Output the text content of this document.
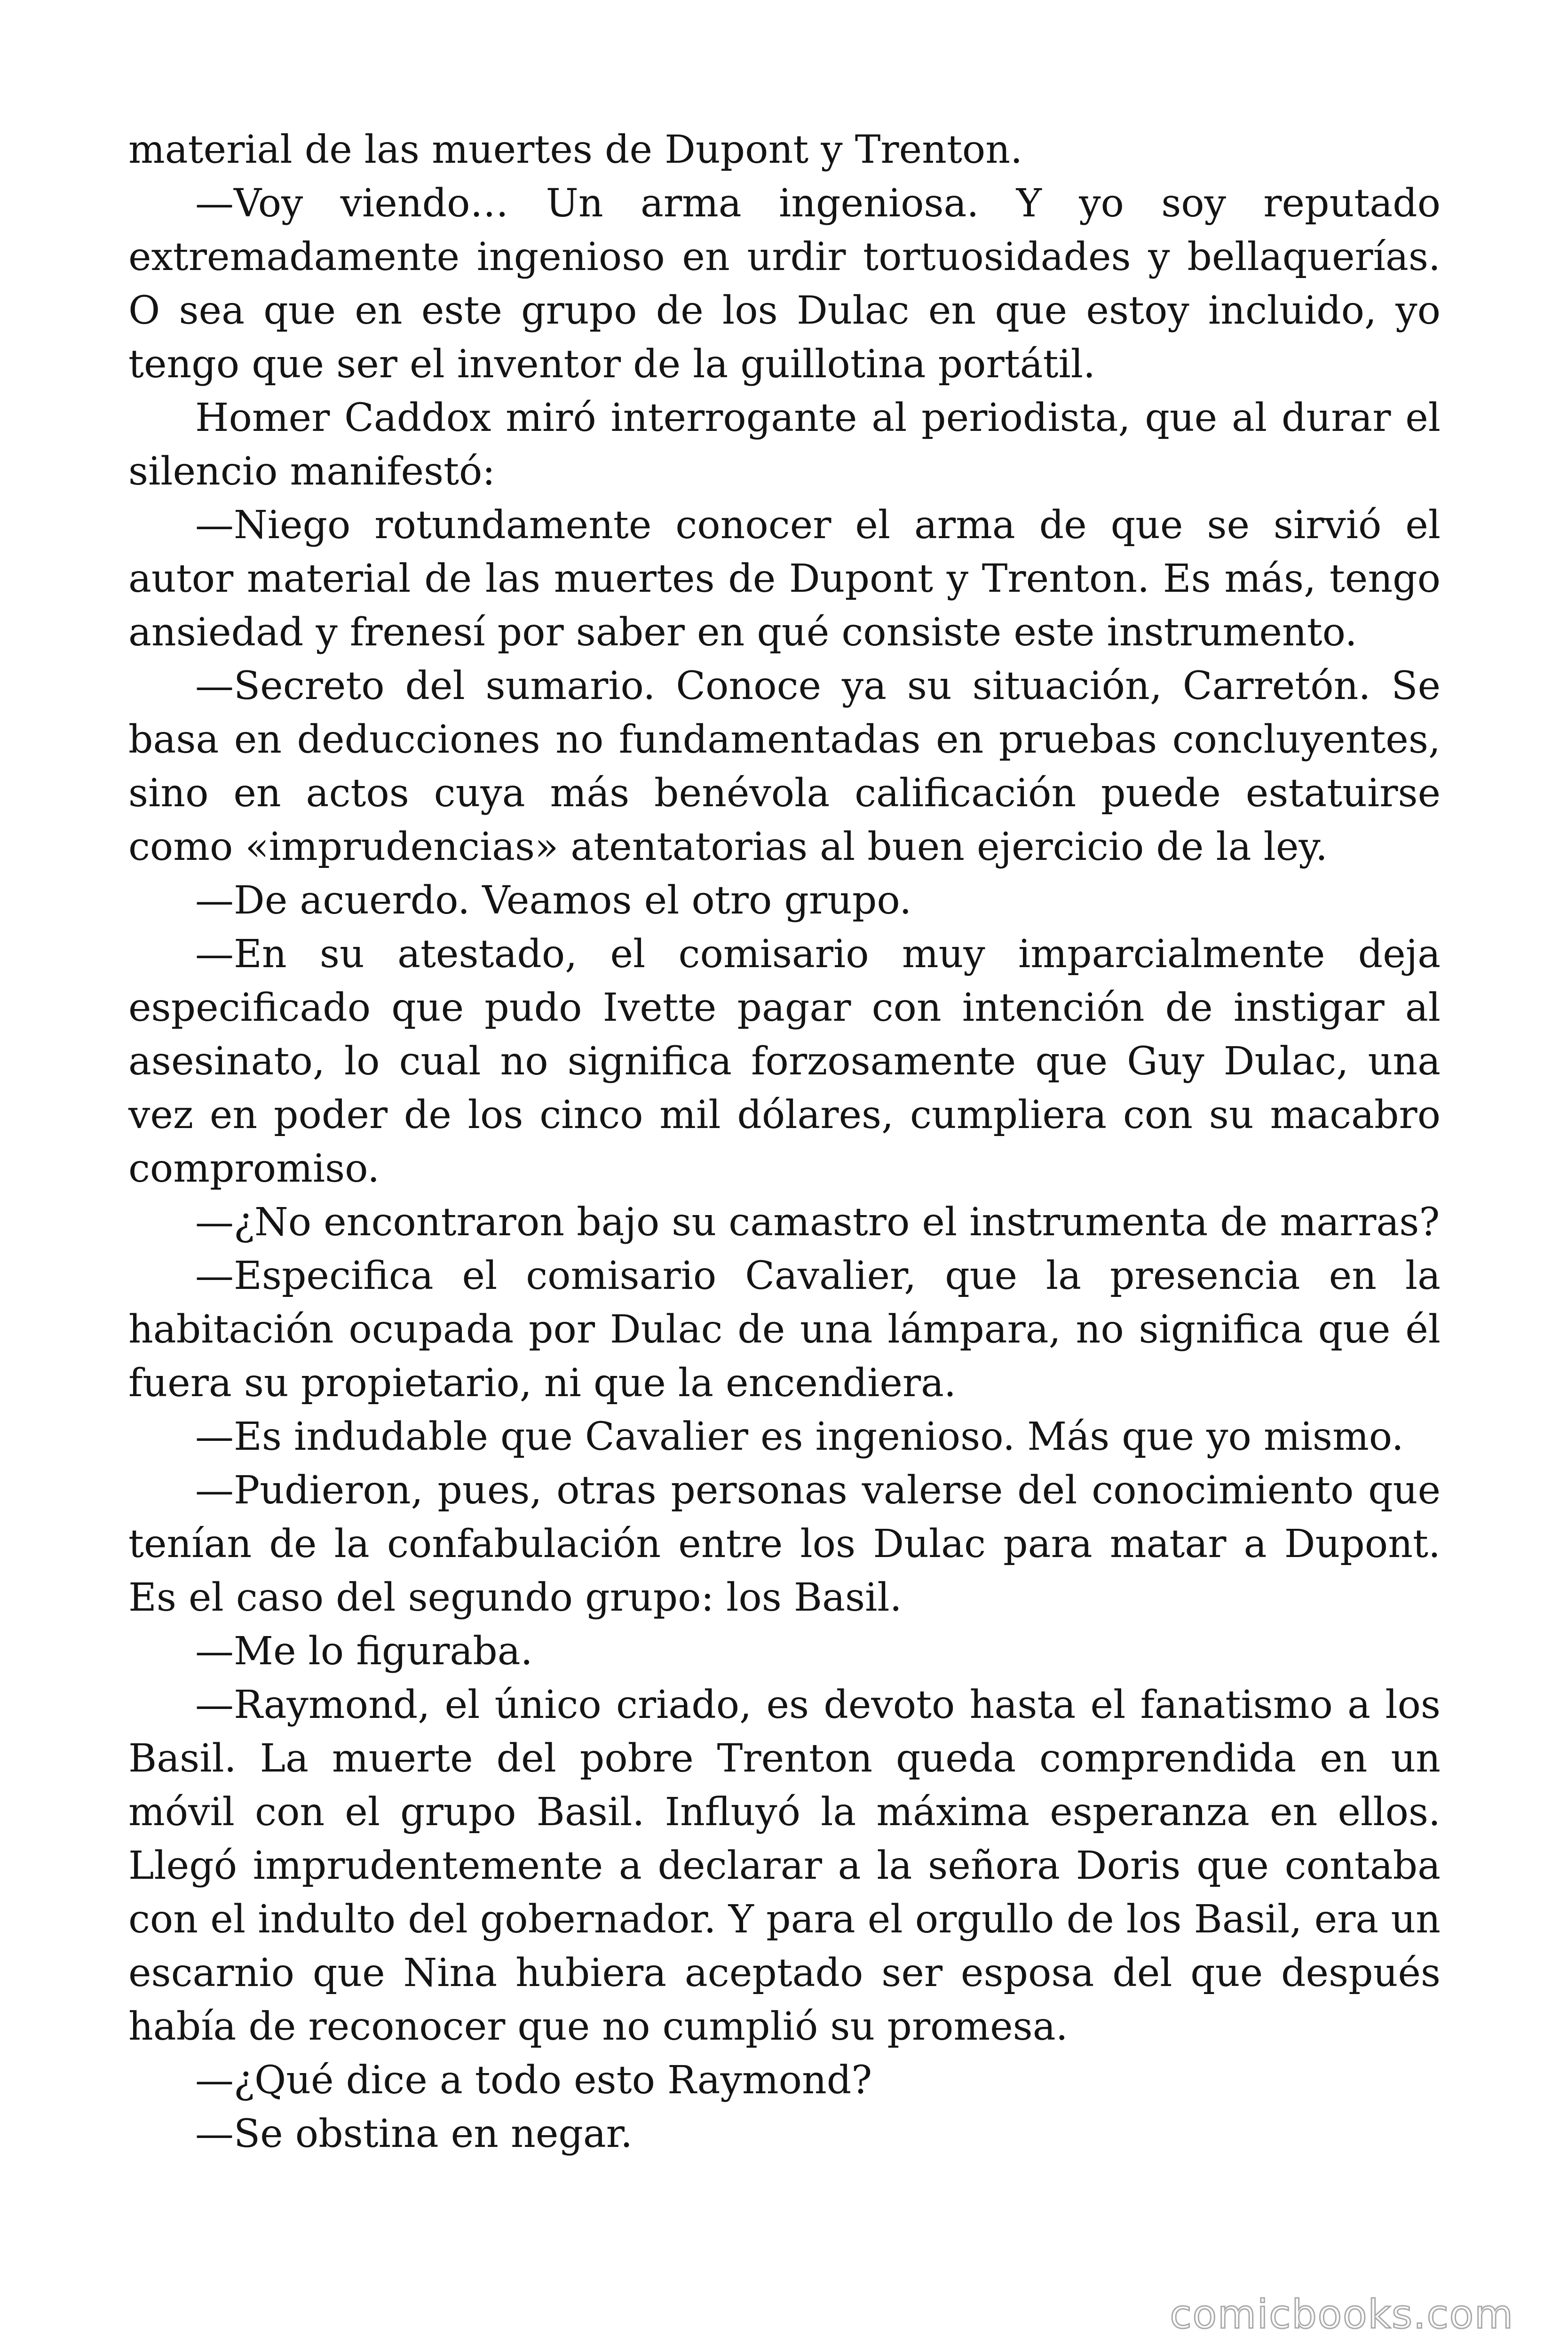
material de las muertes de Dupont y Trenton.

—Voy viendo… Un arma ingeniosa. Y yo soy reputado extremadamente ingenioso en urdir tortuosidades y bellaquerías. O sea que en este grupo de los Dulac en que estoy incluido, yo tengo que ser el inventor de la guillotina portátil.

Homer Caddox miró interrogante al periodista, que al durar el silencio manifestó:

—Niego rotundamente conocer el arma de que se sirvió el autor material de las muertes de Dupont y Trenton. Es más, tengo ansiedad y frenesí por saber en qué consiste este instrumento.

—Secreto del sumario. Conoce ya su situación, Carretón. Se basa en deducciones no fundamentadas en pruebas concluyentes, sino en actos cuya más benévola calificación puede estatuirse como «imprudencias» atentatorias al buen ejercicio de la ley.

—De acuerdo. Veamos el otro grupo.

—En su atestado, el comisario muy imparcialmente deja especificado que pudo Ivette pagar con intención de instigar al asesinato, lo cual no significa forzosamente que Guy Dulac, una vez en poder de los cinco mil dólares, cumpliera con su macabro compromiso.

—¿No encontraron bajo su camastro el instrumenta de marras?

—Especifica el comisario Cavalier, que la presencia en la habitación ocupada por Dulac de una lámpara, no significa que él fuera su propietario, ni que la encendiera.

—Es indudable que Cavalier es ingenioso. Más que yo mismo.

—Pudieron, pues, otras personas valerse del conocimiento que tenían de la confabulación entre los Dulac para matar a Dupont. Es el caso del segundo grupo: los Basil.

—Me lo figuraba.

—Raymond, el único criado, es devoto hasta el fanatismo a los Basil. La muerte del pobre Trenton queda comprendida en un móvil con el grupo Basil. Influyó la máxima esperanza en ellos. Llegó imprudentemente a declarar a la señora Doris que contaba con el indulto del gobernador. Y para el orgullo de los Basil, era un escarnio que Nina hubiera aceptado ser esposa del que después había de reconocer que no cumplió su promesa.

—¿Qué dice a todo esto Raymond?

—Se obstina en negar.

comicbooks.com
